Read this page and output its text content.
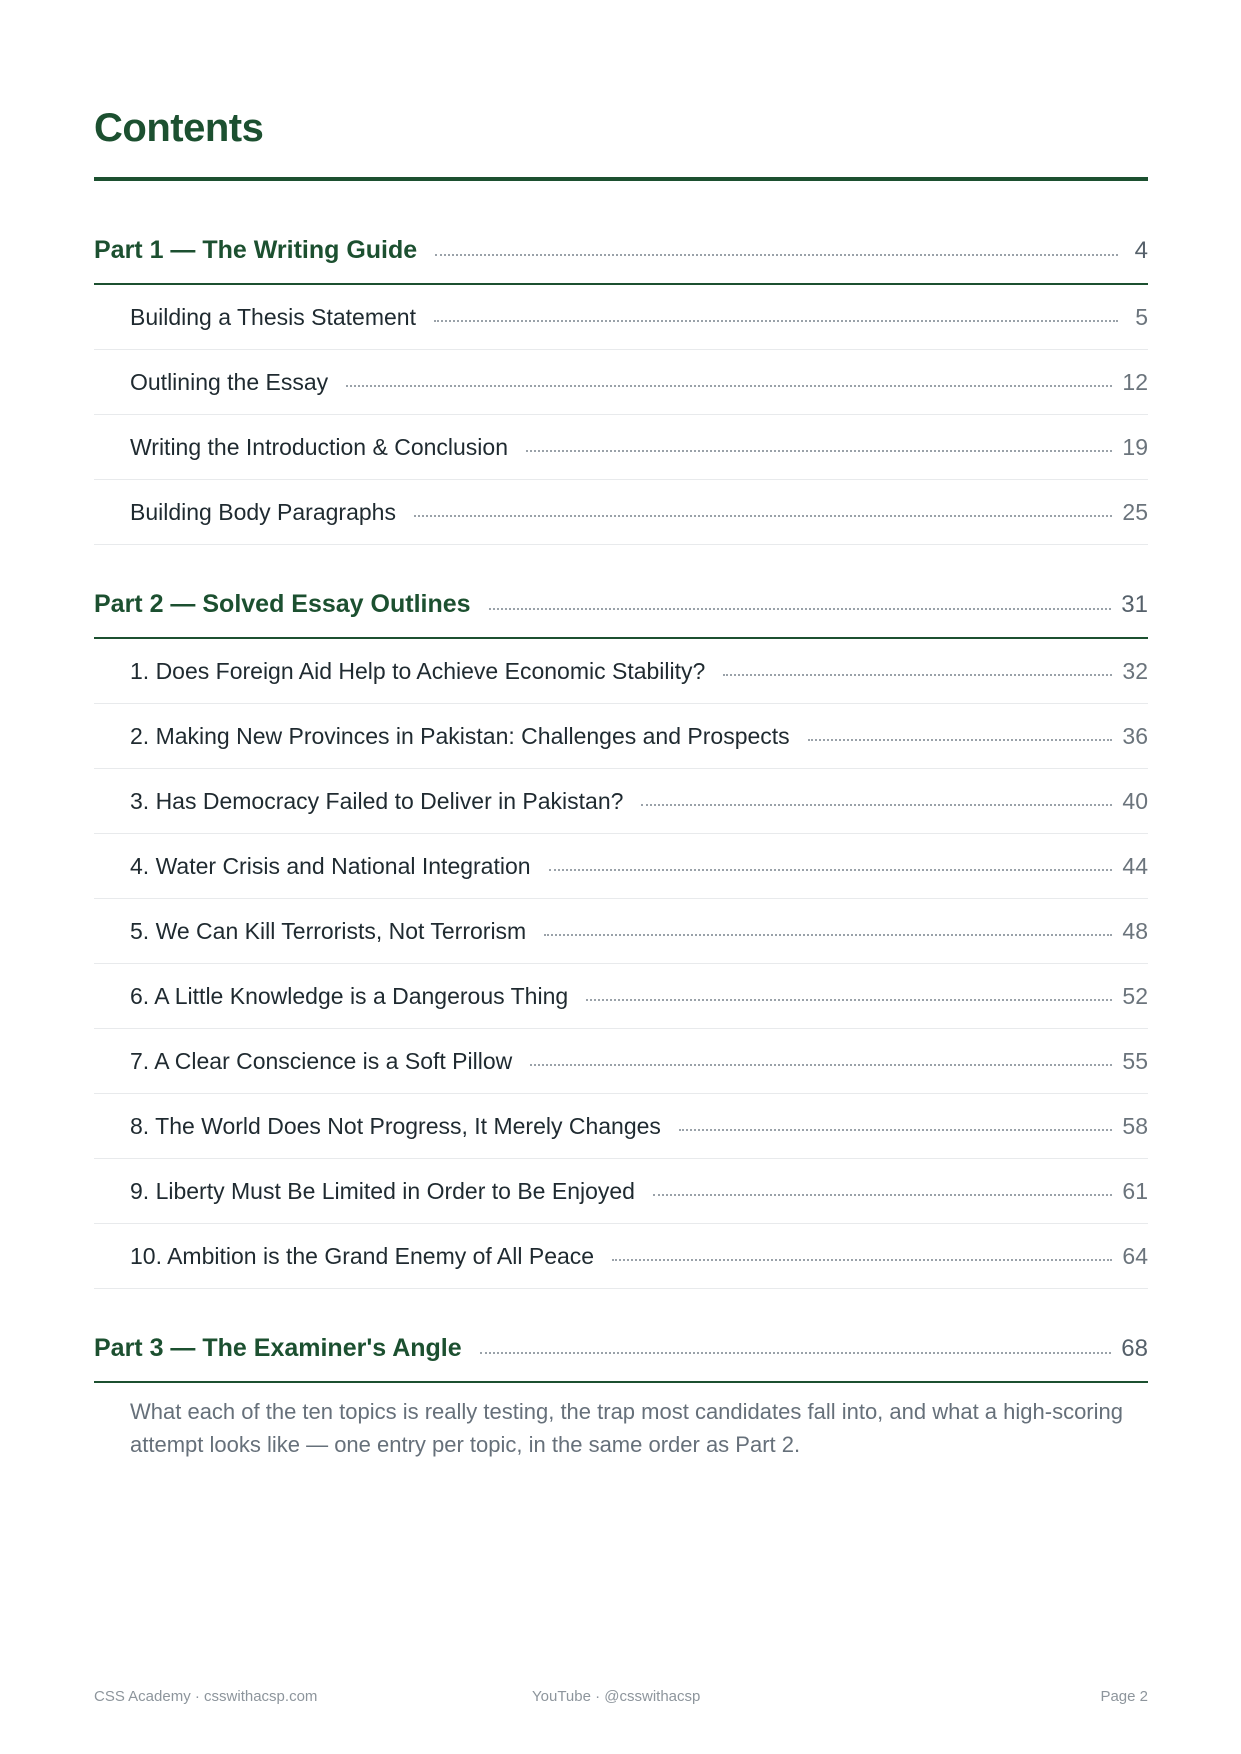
Contents
Part 1 — The Writing Guide	4
Building a Thesis Statement	5
Outlining the Essay	12
Writing the Introduction & Conclusion	19
Building Body Paragraphs	25
Part 2 — Solved Essay Outlines	31
1. Does Foreign Aid Help to Achieve Economic Stability?	32
2. Making New Provinces in Pakistan: Challenges and Prospects	36
3. Has Democracy Failed to Deliver in Pakistan?	40
4. Water Crisis and National Integration	44
5. We Can Kill Terrorists, Not Terrorism	48
6. A Little Knowledge is a Dangerous Thing	52
7. A Clear Conscience is a Soft Pillow	55
8. The World Does Not Progress, It Merely Changes	58
9. Liberty Must Be Limited in Order to Be Enjoyed	61
10. Ambition is the Grand Enemy of All Peace	64
Part 3 — The Examiner's Angle	68
What each of the ten topics is really testing, the trap most candidates fall into, and what a high-scoring attempt looks like — one entry per topic, in the same order as Part 2.
CSS Academy · csswithacsp.com	YouTube · @csswithacsp	Page 2
